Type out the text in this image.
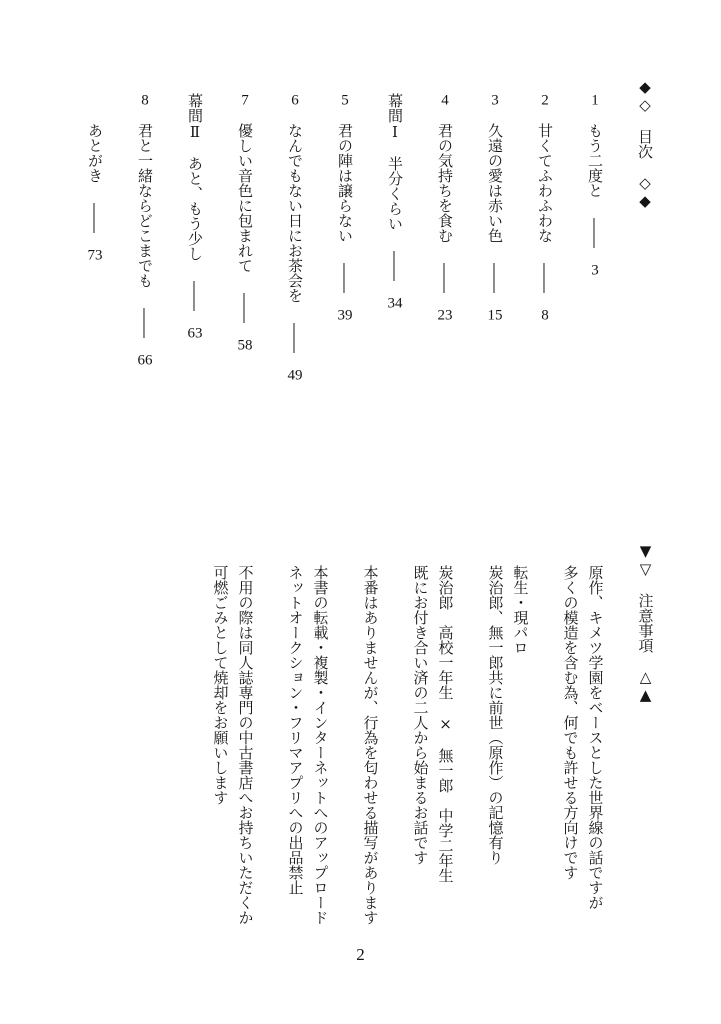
◆◇　目次　◇◆
1もう二度と――3
2甘くてふわふわな――8
3久遠の愛は赤い色――15
4君の気持ちを食む――23
幕間Ⅰ半分くらい――34
5君の陣は譲らない――39
6なんでもない日にお茶会を――49
7優しい音色に包まれて――58
幕間Ⅱあと、もう少し――63
8君と一緒ならどこまでも――66
あとがき――73
▼▽　注意事項　△▲
原作、キメツ学園をベースとした世界線の話ですが
多くの模造を含む為、何でも許せる方向けです
転生・現パロ
炭治郎、無一郎共に前世（原作）の記憶有り
炭治郎　高校一年生　×　無一郎　中学二年生
既にお付き合い済の二人から始まるお話です
本番はありませんが、行為を匂わせる描写があります
本書の転載・複製・インターネットへのアップロード
ネットオークション・フリマアプリへの出品禁止
不用の際は同人誌専門の中古書店へお持ちいただくか
可燃ごみとして焼却をお願いします
2
